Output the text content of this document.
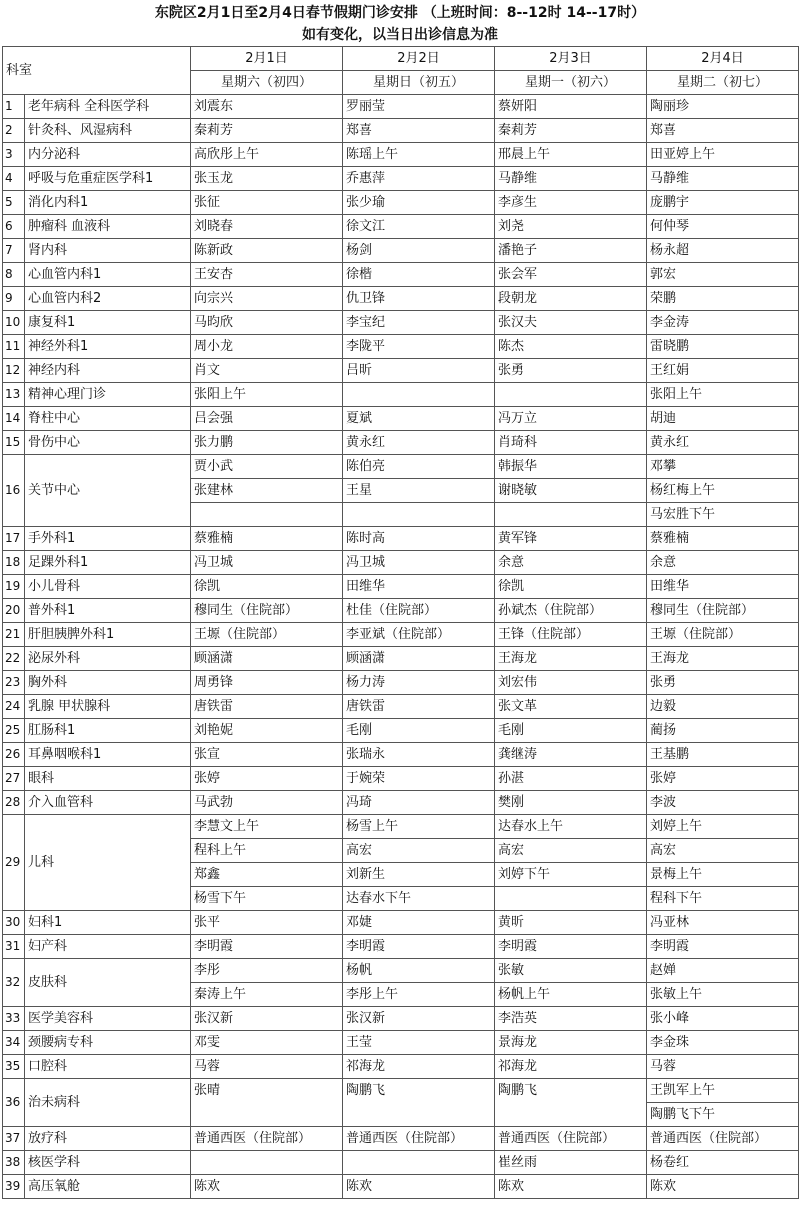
东院区2月1日至2月4日春节假期门诊安排 （上班时间：8--12时 14--17时）
如有变化，以当日出诊信息为准
科室		2月1日	2月2日	2月3日	2月4日
		星期六（初四）	星期日（初五）	星期一（初六）	星期二（初七）
1	老年病科 全科医学科	刘震东	罗丽莹	蔡妍阳	陶丽珍
2	针灸科、风湿病科	秦莉芳	郑喜	秦莉芳	郑喜
3	内分泌科	高欣彤上午	陈瑶上午	邢晨上午	田亚婷上午
4	呼吸与危重症医学科1	张玉龙	乔惠萍	马静维	马静维
5	消化内科1	张征	张少瑜	李彦生	庞鹏宇
6	肿瘤科 血液科	刘晓春	徐文江	刘尧	何仲琴
7	肾内科	陈新政	杨剑	潘艳子	杨永超
8	心血管内科1	王安杏	徐楷	张会军	郭宏
9	心血管内科2	向宗兴	仇卫锋	段朝龙	荣鹏
10	康复科1	马昀欣	李宝纪	张汉夫	李金涛
11	神经外科1	周小龙	李陇平	陈杰	雷晓鹏
12	神经内科	肖文	吕昕	张勇	王红娟
13	精神心理门诊	张阳上午			张阳上午
14	脊柱中心	吕会强	夏斌	冯万立	胡迪
15	骨伤中心	张力鹏	黄永红	肖琦科	黄永红
16	关节中心	贾小武	陈伯亮	韩振华	邓攀
		张建林	王星	谢晓敏	杨红梅上午
					马宏胜下午
17	手外科1	蔡雅楠	陈时高	黄军锋	蔡雅楠
18	足踝外科1	冯卫城	冯卫城	余意	余意
19	小儿骨科	徐凯	田维华	徐凯	田维华
20	普外科1	穆同生（住院部）	杜佳（住院部）	孙斌杰（住院部）	穆同生（住院部）
21	肝胆胰脾外科1	王塬（住院部）	李亚斌（住院部）	王锋（住院部）	王塬（住院部）
22	泌尿外科	顾涵潇	顾涵潇	王海龙	王海龙
23	胸外科	周勇锋	杨力涛	刘宏伟	张勇
24	乳腺 甲状腺科	唐铁雷	唐铁雷	张文革	边毅
25	肛肠科1	刘艳妮	毛刚	毛刚	蔺扬
26	耳鼻咽喉科1	张宣	张瑞永	龚继涛	王基鹏
27	眼科	张婷	于婉荣	孙湛	张婷
28	介入血管科	马武勃	冯琦	樊刚	李波
29	儿科	李慧文上午	杨雪上午	达春水上午	刘婷上午
		程科上午	高宏	高宏	高宏
		郑鑫	刘新生	刘婷下午	景梅上午
		杨雪下午	达春水下午		程科下午
30	妇科1	张平	邓婕	黄昕	冯亚林
31	妇产科	李明霞	李明霞	李明霞	李明霞
32	皮肤科	李彤	杨帆	张敏	赵婵
		秦涛上午	李彤上午	杨帆上午	张敏上午
33	医学美容科	张汉新	张汉新	李浩英	张小峰
34	颈腰病专科	邓雯	王莹	景海龙	李金珠
35	口腔科	马蓉	祁海龙	祁海龙	马蓉
36	治未病科	张晴	陶鹏飞	陶鹏飞	王凯军上午
					陶鹏飞下午
37	放疗科	普通西医（住院部）	普通西医（住院部）	普通西医（住院部）	普通西医（住院部）
38	核医学科			崔丝雨	杨卷红
39	高压氧舱	陈欢	陈欢	陈欢	陈欢
